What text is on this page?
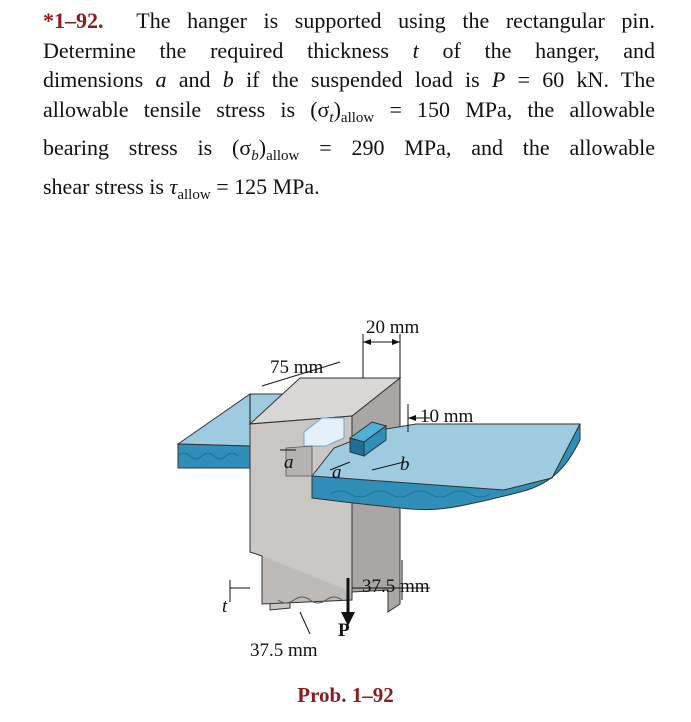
*1–92. The hanger is supported using the rectangular pin.
Determine the required thickness t of the hanger, and
dimensions a and b if the suspended load is P = 60 kN. The
allowable tensile stress is $(\sigma_t)_{allow} = 150$ MPa, the allowable
bearing stress is $(\sigma_b)_{allow} = 290$ MPa, and the allowable
shear stress is $\tau_{allow} = 125$ MPa.
20 mm
75 mm
10 mm
a a	b
37.5 mm
t
P
37.5 mm
Prob. 1–92
